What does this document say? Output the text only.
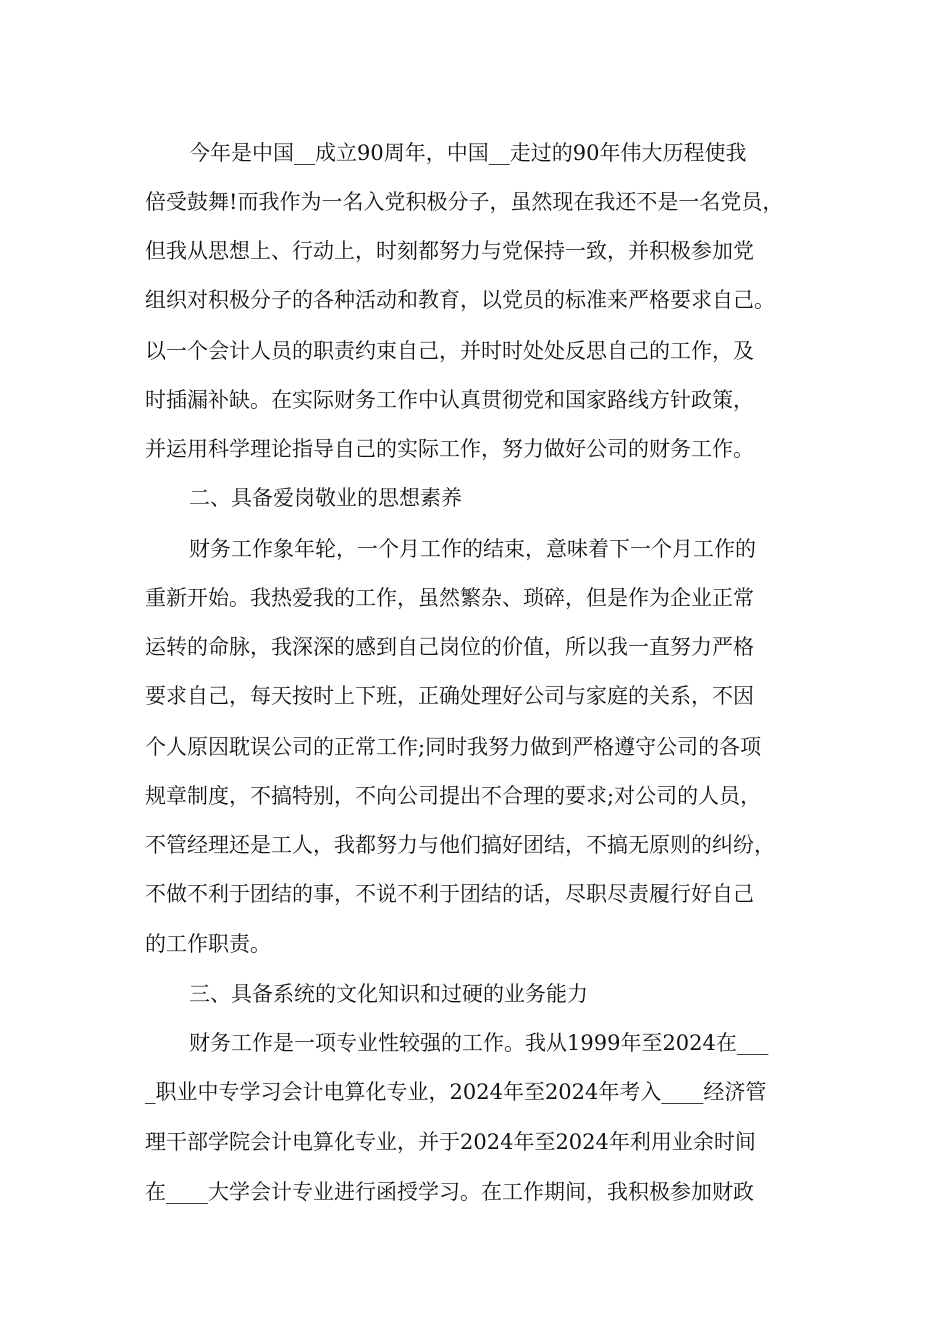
今年是中国__成立90周年，中国__走过的90年伟大历程使我

倍受鼓舞!而我作为一名入党积极分子，虽然现在我还不是一名党员，

但我从思想上、行动上，时刻都努力与党保持一致，并积极参加党

组织对积极分子的各种活动和教育，以党员的标准来严格要求自己。

以一个会计人员的职责约束自己，并时时处处反思自己的工作，及

时插漏补缺。在实际财务工作中认真贯彻党和国家路线方针政策，

并运用科学理论指导自己的实际工作，努力做好公司的财务工作。

二、具备爱岗敬业的思想素养

财务工作象年轮，一个月工作的结束，意味着下一个月工作的

重新开始。我热爱我的工作，虽然繁杂、琐碎，但是作为企业正常

运转的命脉，我深深的感到自己岗位的价值，所以我一直努力严格

要求自己，每天按时上下班，正确处理好公司与家庭的关系，不因

个人原因耽误公司的正常工作;同时我努力做到严格遵守公司的各项

规章制度，不搞特别，不向公司提出不合理的要求;对公司的人员，

不管经理还是工人，我都努力与他们搞好团结，不搞无原则的纠纷，

不做不利于团结的事，不说不利于团结的话，尽职尽责履行好自己

的工作职责。

三、具备系统的文化知识和过硬的业务能力

财务工作是一项专业性较强的工作。我从1999年至2024在___

_职业中专学习会计电算化专业，2024年至2024年考入____经济管

理干部学院会计电算化专业，并于2024年至2024年利用业余时间

在____大学会计专业进行函授学习。在工作期间，我积极参加财政
